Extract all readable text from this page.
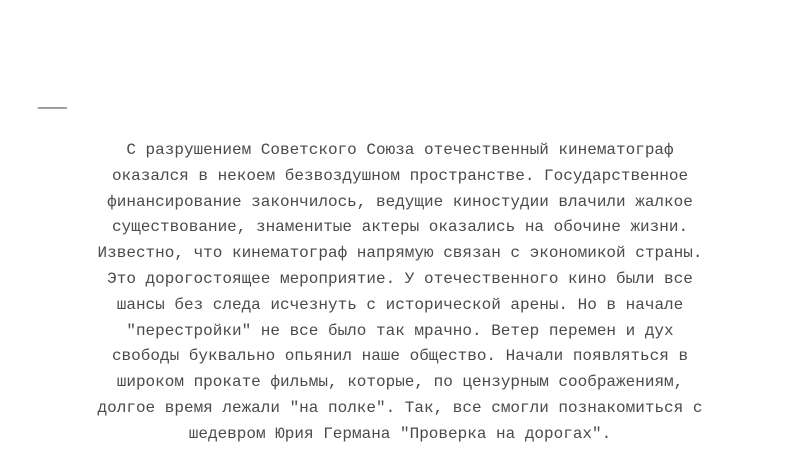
———
С разрушением Советского Союза отечественный кинематограф
оказался в некоем безвоздушном пространстве. Государственное
финансирование закончилось, ведущие киностудии влачили жалкое
существование, знаменитые актеры оказались на обочине жизни.
Известно, что кинематограф напрямую связан с экономикой страны.
Это дорогостоящее мероприятие. У отечественного кино были все
шансы без следа исчезнуть с исторической арены. Но в начале
"перестройки" не все было так мрачно. Ветер перемен и дух
свободы буквально опьянил наше общество. Начали появляться в
широком прокате фильмы, которые, по цензурным соображениям,
долгое время лежали "на полке". Так, все смогли познакомиться с
шедевром Юрия Германа "Проверка на дорогах".
